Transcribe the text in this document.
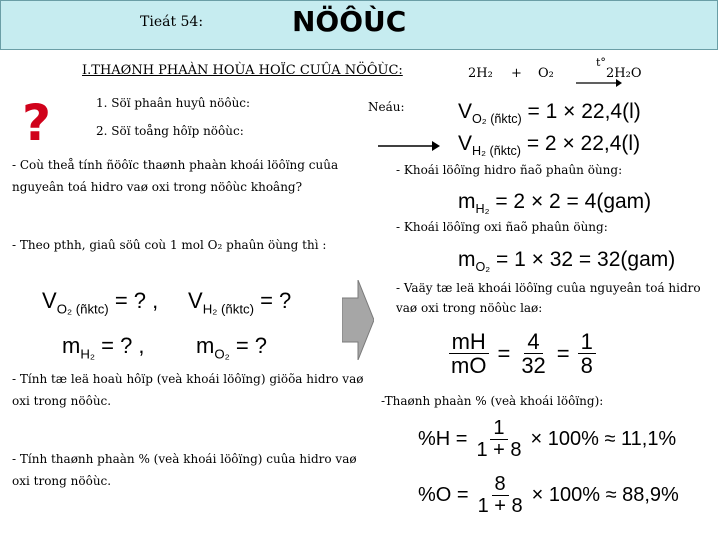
Tieát 54:	NÖÔÙC
I.THAØNH PHAÀN HOÙA HOÏC CUÛA NÖÔÙC:
?	1. Söï phaân huyû nöôùc:
2. Söï toång hôïp nöôùc:
- Coù theå tính ñöôïc thaønh phaàn khoái löôïng cuûa nguyeân toá hidro vaø oxi trong nöôùc khoâng?
- Theo pthh, giaû söû coù 1 mol O₂ phaûn öùng thì :
$V_{O_2 (ñktc)}$ = ? , $V_{H_2 (ñktc)}$ = ?
$m_{H_2}$ = ? , $m_{O_2}$ = ?
- Tính tæ leä hoaù hôïp (veà khoái löôïng) giöõa hidro vaø oxi trong nöôùc.
- Tính thaønh phaàn % (veà khoái löôïng) cuûa hidro vaø oxi trong nöôùc.
2H₂ + O₂
t°
2H₂O
Neáu:	$V_{O_2 (ñktc)} = 1 \times 22,4(l)$
$V_{H_2 (ñktc)} = 2 \times 22,4(l)$
- Khoái löôïng hidro ñaõ phaûn öùng:
$m_{H_2} = 2 \times 2 = 4(gam)$
- Khoái löôïng oxi ñaõ phaûn öùng:
$m_{O_2} = 1 \times 32 = 32(gam)$
- Vaäy tæ leä khoái löôïng cuûa nguyeân toá hidro vaø oxi trong nöôùc laø:
$\frac{mH}{mO} = \frac{4}{32} = \frac{1}{8}$
-Thaønh phaàn % (veà khoái löôïng):
$\%H = \frac{1}{1 + 8} \times 100\% \approx 11,1\%$
$\%O = \frac{8}{1 + 8} \times 100\% \approx 88,9\%$
